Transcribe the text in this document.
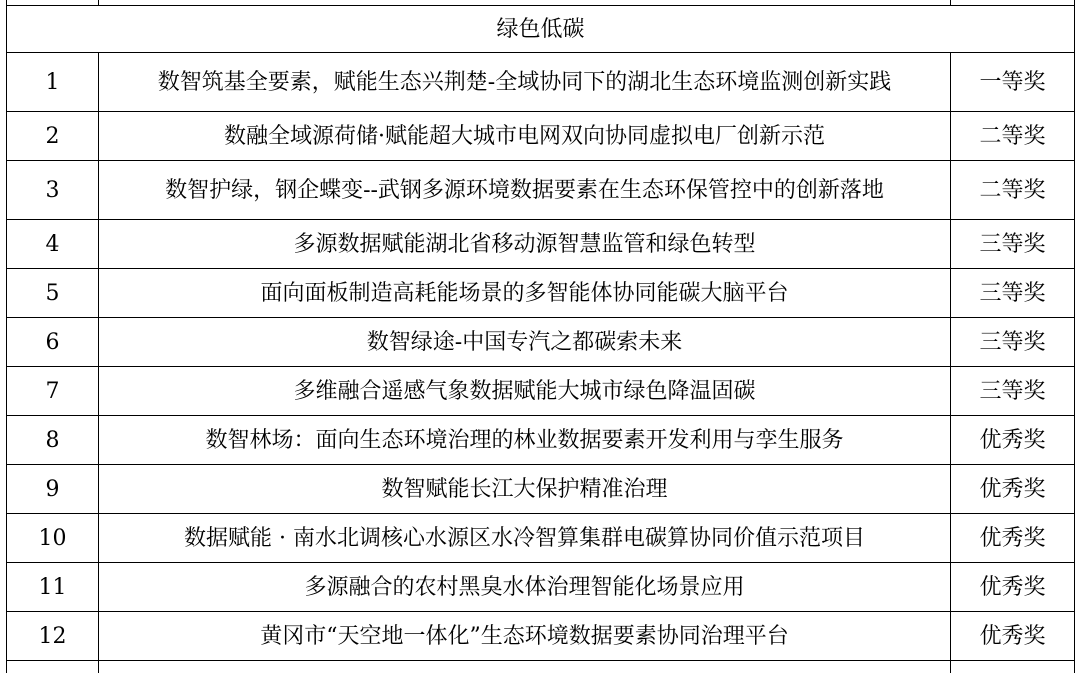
绿色低碳		
1	数智筑基全要素，赋能生态兴荆楚-全域协同下的湖北生态环境监测创新实践	一等奖
2	数融全域源荷储·赋能超大城市电网双向协同虚拟电厂创新示范	二等奖
3	数智护绿，钢企蝶变--武钢多源环境数据要素在生态环保管控中的创新落地	二等奖
4	多源数据赋能湖北省移动源智慧监管和绿色转型	三等奖
5	面向面板制造高耗能场景的多智能体协同能碳大脑平台	三等奖
6	数智绿途-中国专汽之都碳索未来	三等奖
7	多维融合遥感气象数据赋能大城市绿色降温固碳	三等奖
8	数智林场：面向生态环境治理的林业数据要素开发利用与孪生服务	优秀奖
9	数智赋能长江大保护精准治理	优秀奖
10	数据赋能 · 南水北调核心水源区水冷智算集群电碳算协同价值示范项目	优秀奖
11	多源融合的农村黑臭水体治理智能化场景应用	优秀奖
12	黄冈市“天空地一体化”生态环境数据要素协同治理平台	优秀奖
